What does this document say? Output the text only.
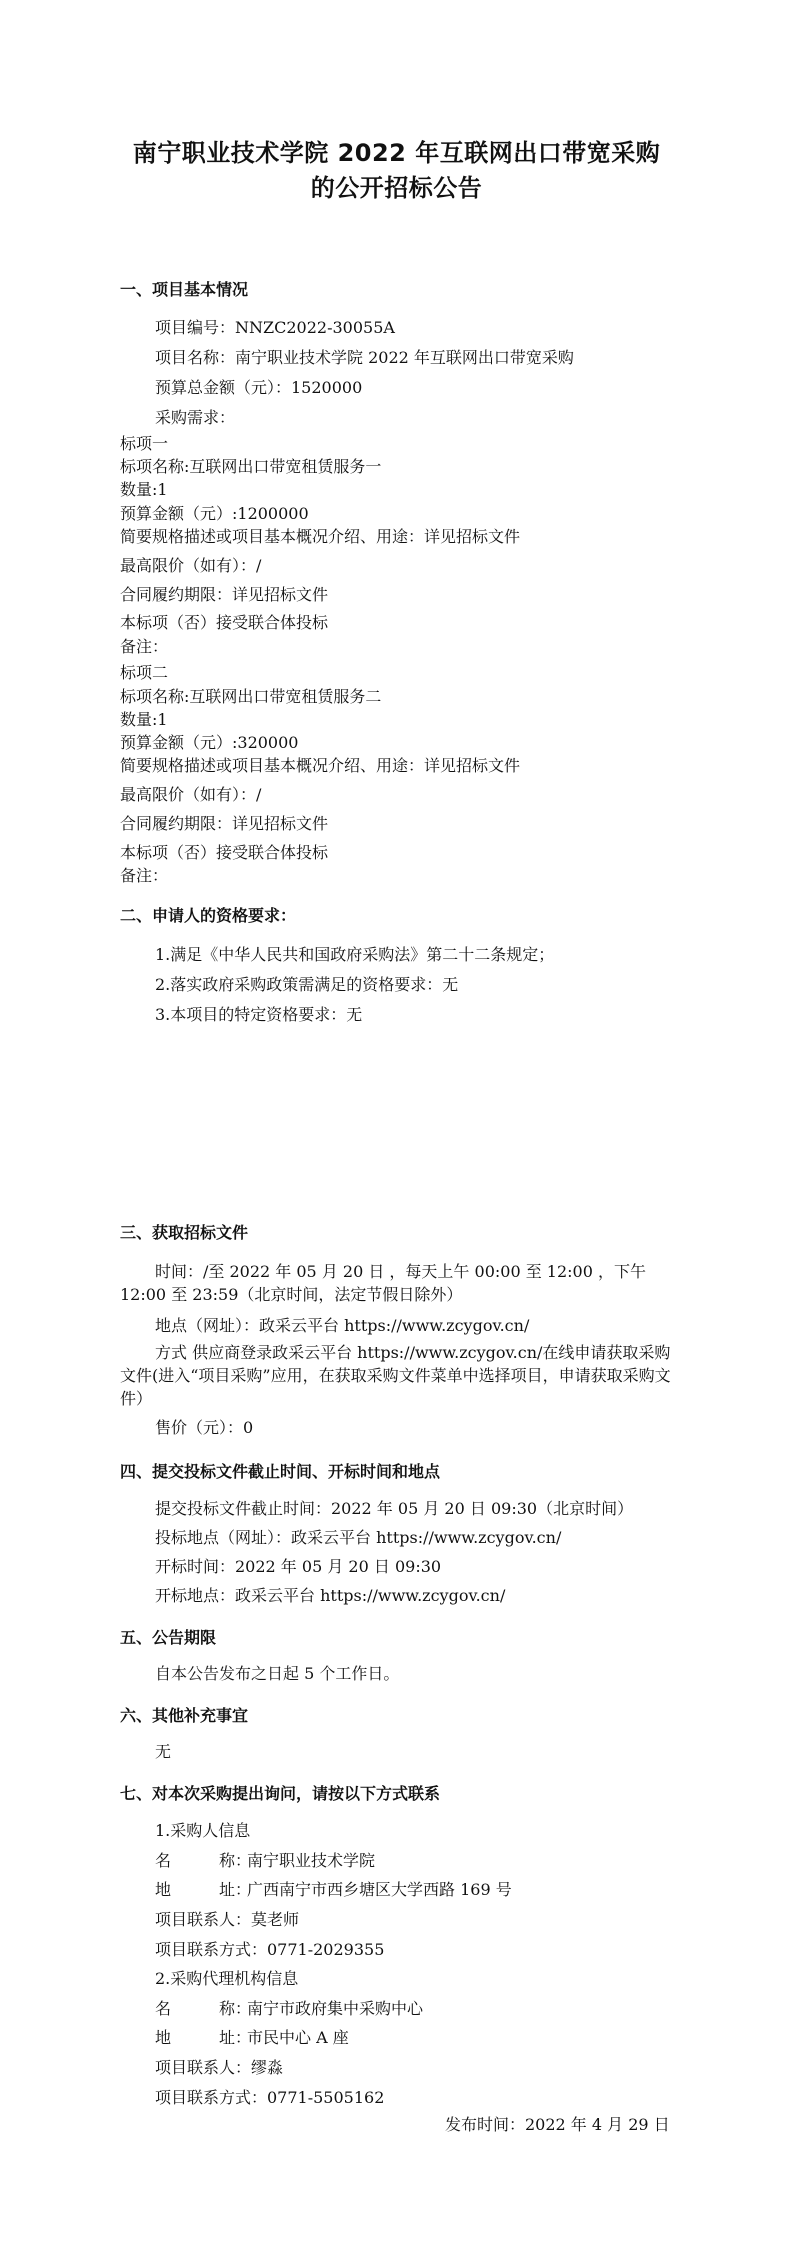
南宁职业技术学院 2022 年互联网出口带宽采购
的公开招标公告
一、项目基本情况
项目编号：NNZC2022-30055A
项目名称：南宁职业技术学院 2022 年互联网出口带宽采购
预算总金额（元）：1520000
采购需求：
标项一
标项名称:互联网出口带宽租赁服务一
数量:1
预算金额（元）:1200000
简要规格描述或项目基本概况介绍、用途：详见招标文件
最高限价（如有）：/
合同履约期限：详见招标文件
本标项（否）接受联合体投标
备注：
标项二
标项名称:互联网出口带宽租赁服务二
数量:1
预算金额（元）:320000
简要规格描述或项目基本概况介绍、用途：详见招标文件
最高限价（如有）：/
合同履约期限：详见招标文件
本标项（否）接受联合体投标
备注：
二、申请人的资格要求：
1.满足《中华人民共和国政府采购法》第二十二条规定；
2.落实政府采购政策需满足的资格要求：无
3.本项目的特定资格要求：无
三、获取招标文件
时间：/至 2022 年 05 月 20 日 ，每天上午 00:00 至 12:00 ，下午 12:00 至 23:59（北京时间，法定节假日除外）
地点（网址）：政采云平台 https://www.zcygov.cn/
方式 供应商登录政采云平台 https://www.zcygov.cn/在线申请获取采购文件(进入“项目采购”应用，在获取采购文件菜单中选择项目，申请获取采购文件）
售价（元）：0
四、提交投标文件截止时间、开标时间和地点
提交投标文件截止时间：2022 年 05 月 20 日 09:30（北京时间）
投标地点（网址）：政采云平台 https://www.zcygov.cn/
开标时间：2022 年 05 月 20 日 09:30
开标地点：政采云平台 https://www.zcygov.cn/
五、公告期限
自本公告发布之日起 5 个工作日。
六、其他补充事宜
无
七、对本次采购提出询问，请按以下方式联系
1.采购人信息
名　　　称：南宁职业技术学院
地　　　址：广西南宁市西乡塘区大学西路 169 号
项目联系人：莫老师
项目联系方式：0771-2029355
2.采购代理机构信息
名　　　称：南宁市政府集中采购中心
地　　　址：市民中心 A 座
项目联系人：缪淼
项目联系方式：0771-5505162
发布时间：2022 年 4 月 29 日
